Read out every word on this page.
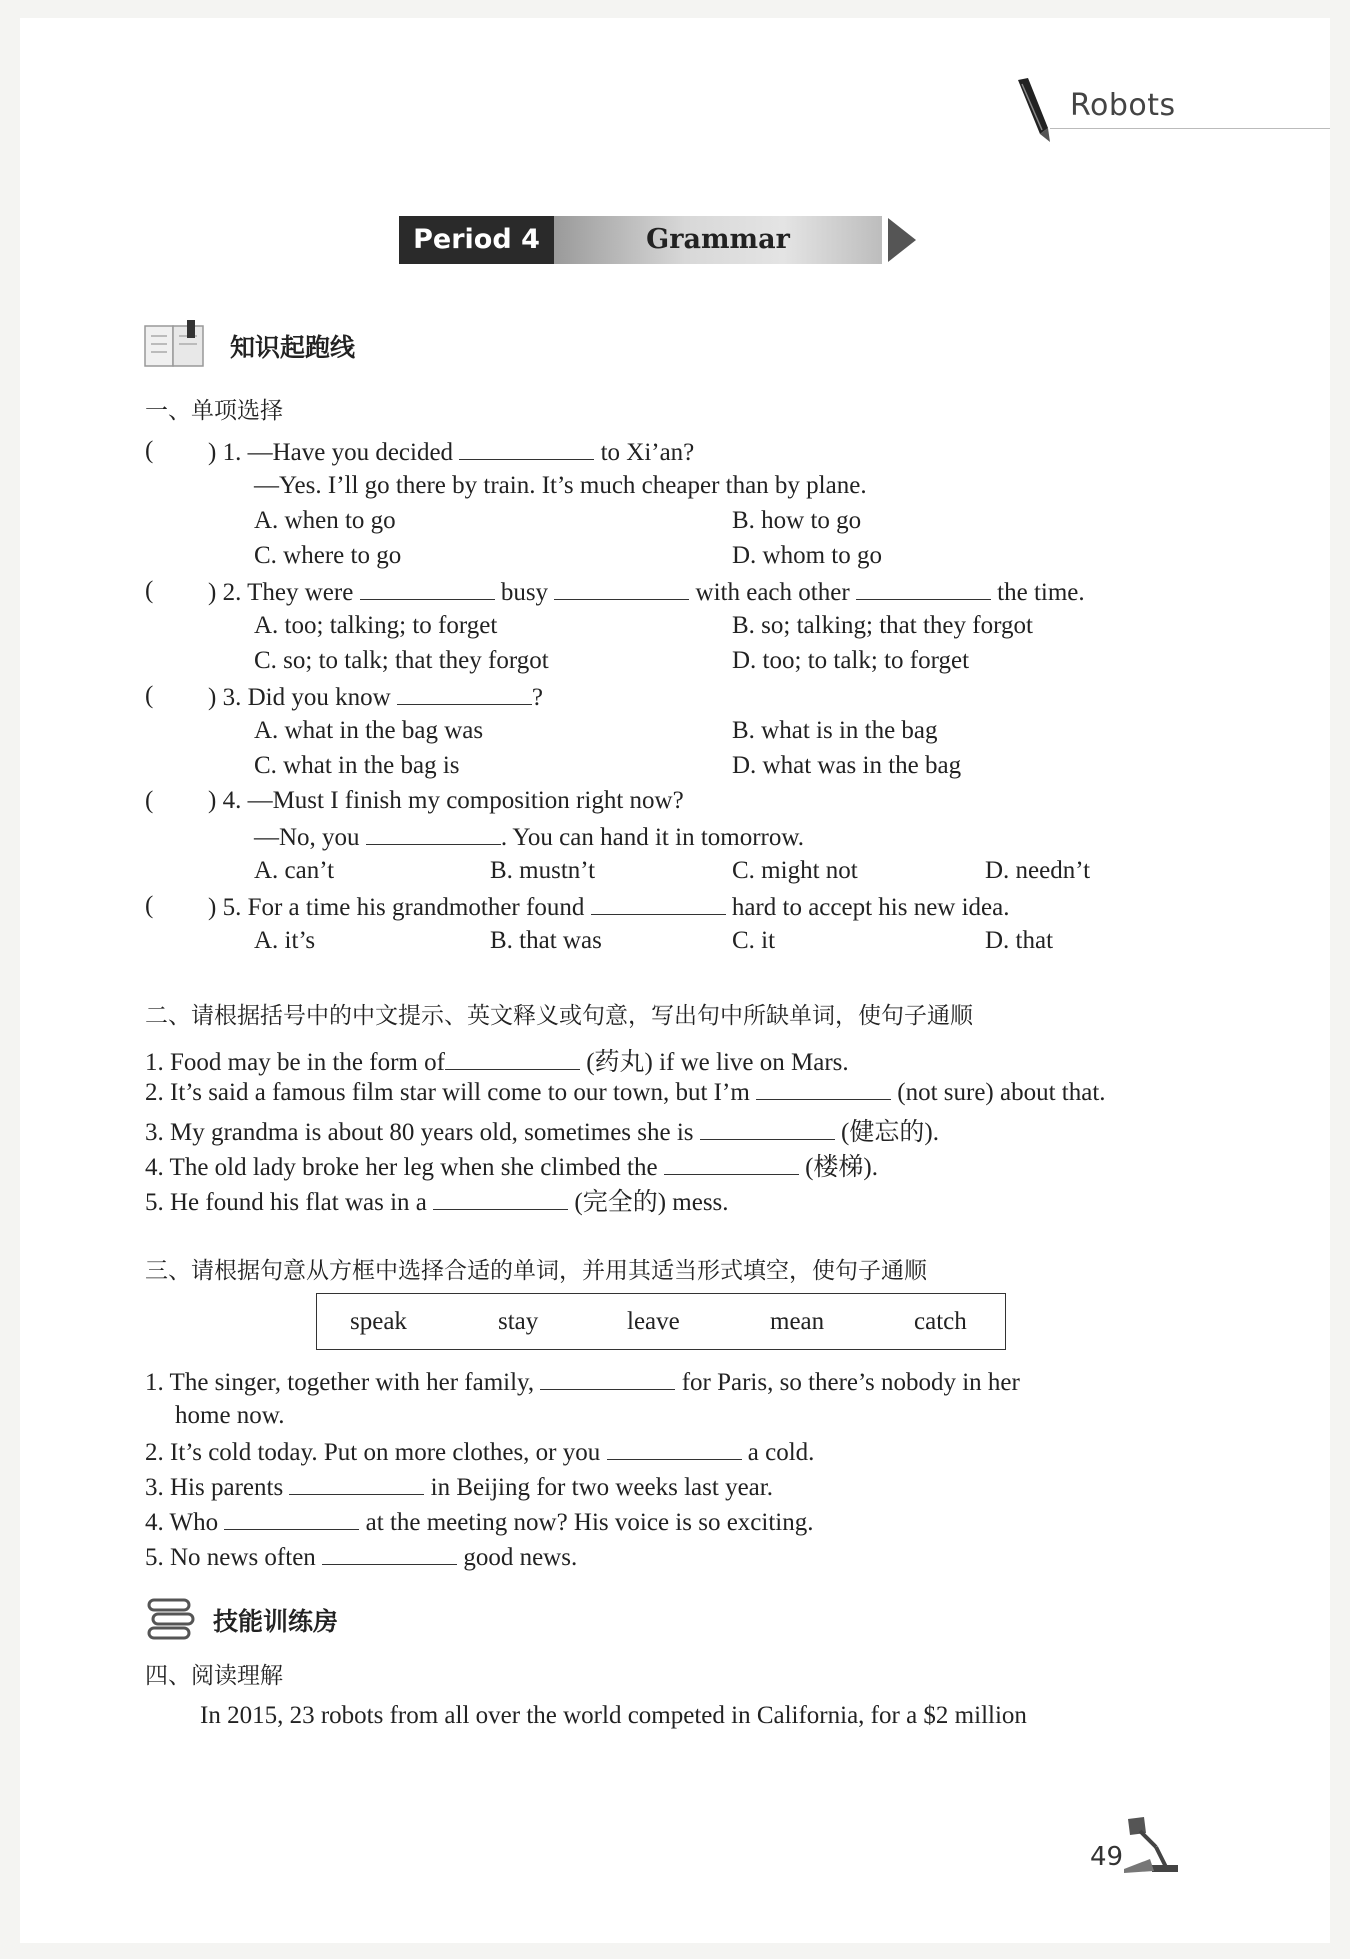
Robots
Period 4	Grammar
知识起跑线
一、单项选择
( ) 1. —Have you decided	to Xi’an?
—Yes. I’ll go there by train. It’s much cheaper than by plane.
A. when to go	B. how to go
C. where to go	D. whom to go
( ) 2. They were	busy	with each other	the time.
A. too; talking; to forget	B. so; talking; that they forgot
C. so; to talk; that they forgot	D. too; to talk; to forget
( ) 3. Did you know	?
A. what in the bag was	B. what is in the bag
C. what in the bag is	D. what was in the bag
( ) 4. —Must I finish my composition right now?
—No, you	. You can hand it in tomorrow.
A. can’t	B. mustn’t	C. might not	D. needn’t
( ) 5. For a time his grandmother found	hard to accept his new idea.
A. it’s	B. that was	C. it	D. that
二、请根据括号中的中文提示、英文释义或句意，写出句中所缺单词，使句子通顺
1. Food may be in the form of	(药丸) if we live on Mars.
2. It’s said a famous film star will come to our town, but I’m	(not sure) about that.
3. My grandma is about 80 years old, sometimes she is	(健忘的).
4. The old lady broke her leg when she climbed the	(楼梯).
5. He found his flat was in a	(完全的) mess.
三、请根据句意从方框中选择合适的单词，并用其适当形式填空，使句子通顺
speak	stay	leave	mean	catch
1. The singer, together with her family,	for Paris, so there’s nobody in her
home now.
2. It’s cold today. Put on more clothes, or you	a cold.
3. His parents	in Beijing for two weeks last year.
4. Who	at the meeting now? His voice is so exciting.
5. No news often	good news.
技能训练房
四、阅读理解
In 2015, 23 robots from all over the world competed in California, for a $2 million
49
